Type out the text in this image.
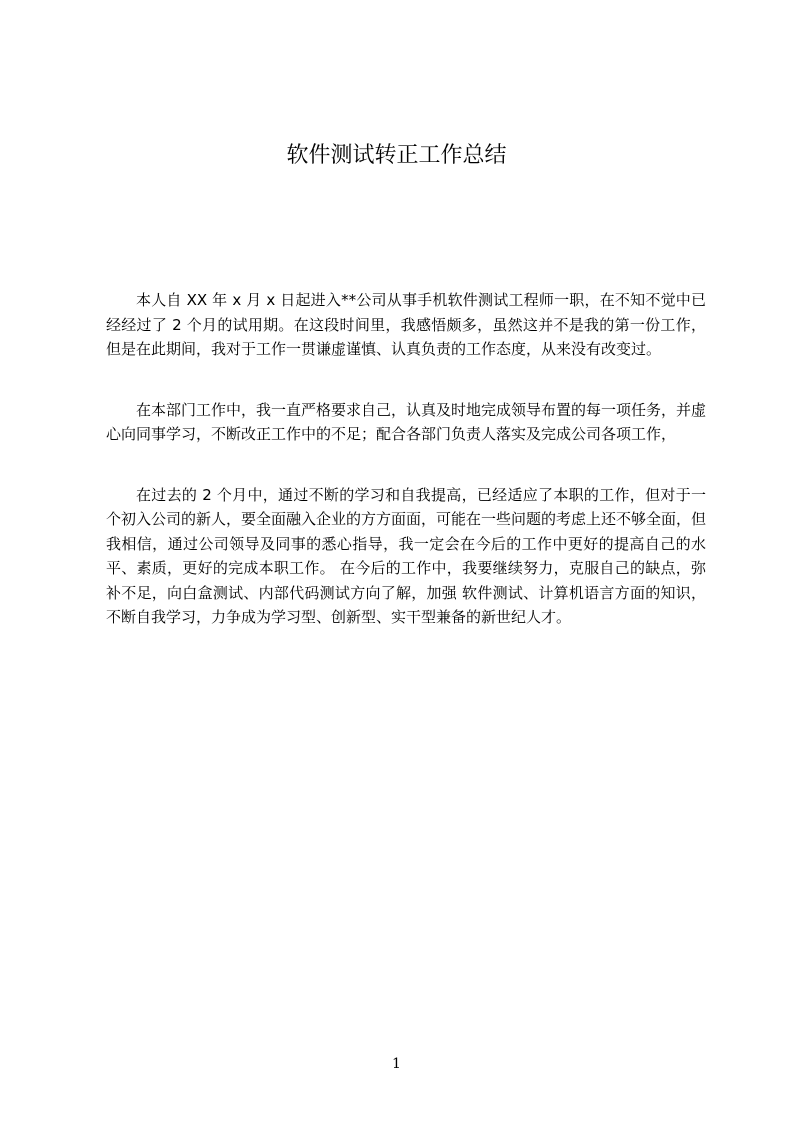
软件测试转正工作总结

本人自 XX 年 x 月 x 日起进入**公司从事手机软件测试工程师一职，在不知不觉中已经经过了 2 个月的试用期。在这段时间里，我感悟颇多，虽然这并不是我的第一份工作，但是在此期间，我对于工作一贯谦虚谨慎、认真负责的工作态度，从来没有改变过。

在本部门工作中，我一直严格要求自己，认真及时地完成领导布置的每一项任务，并虚心向同事学习，不断改正工作中的不足；配合各部门负责人落实及完成公司各项工作，

在过去的 2 个月中，通过不断的学习和自我提高，已经适应了本职的工作，但对于一个初入公司的新人，要全面融入企业的方方面面，可能在一些问题的考虑上还不够全面，但我相信，通过公司领导及同事的悉心指导，我一定会在今后的工作中更好的提高自己的水平、素质，更好的完成本职工作。 在今后的工作中，我要继续努力，克服自己的缺点，弥补不足，向白盒测试、内部代码测试方向了解，加强 软件测试、计算机语言方面的知识，不断自我学习，力争成为学习型、创新型、实干型兼备的新世纪人才。

1
